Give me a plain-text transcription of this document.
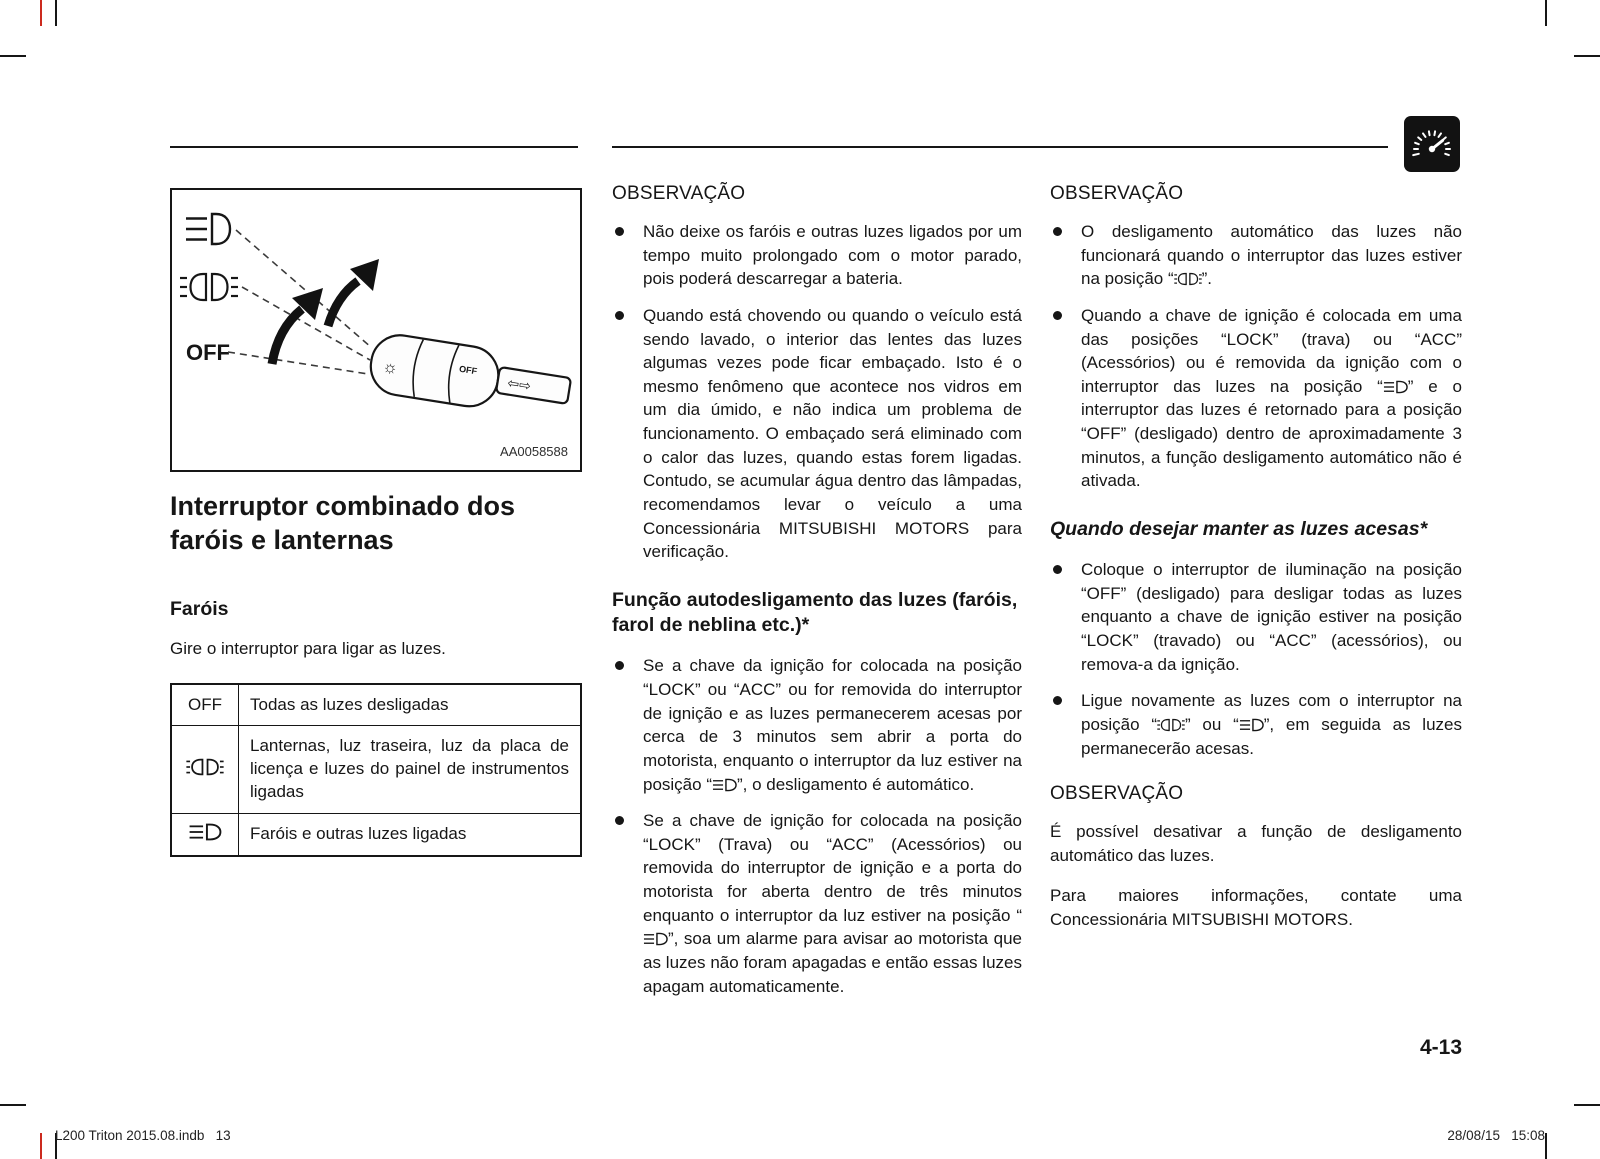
OFF
☼	OFF
⇦⇨
AA0058588
Interruptor combinado dos faróis e lanternas
Faróis

Gire o interruptor para ligar as luzes.

OFF	Todas as luzes desligadas
	Lanternas, luz traseira, luz da placa de licença e luzes do painel de instrumentos ligadas
	Faróis e outras luzes ligadas
OBSERVAÇÃO
Não deixe os faróis e outras luzes ligados por um tempo muito prolongado com o motor parado, pois poderá descarregar a bateria.
Quando está chovendo ou quando o veículo está sendo lavado, o interior das lentes das luzes algumas vezes pode ficar embaçado. Isto é o mesmo fenômeno que acontece nos vidros em um dia úmido, e não indica um problema de funcionamento. O embaçado será eliminado com o calor das luzes, quando estas forem ligadas. Contudo, se acumular água dentro das lâmpadas, recomendamos levar o veículo a uma Concessionária MITSUBISHI MOTORS para verificação.
Função autodesligamento das luzes (faróis, farol de neblina etc.)*
Se a chave da ignição for colocada na posição “LOCK” ou “ACC” ou for removida do interruptor de ignição e as luzes permanecerem acesas por cerca de 3 minutos sem abrir a porta do motorista, enquanto o interruptor da luz estiver na posição “ ”, o desligamento é automático.
Se a chave de ignição for colocada na posição “LOCK” (Trava) ou “ACC” (Acessórios) ou removida do interruptor de ignição e a porta do motorista for aberta dentro de três minutos enquanto o interruptor da luz estiver na posição “”, soa um alarme para avisar ao motorista que as luzes não foram apagadas e então essas luzes apagam automaticamente.
OBSERVAÇÃO
O desligamento automático das luzes não funcionará quando o interruptor das luzes estiver na posição “ ”.
Quando a chave de ignição é colocada em uma das posições “LOCK” (trava) ou “ACC” (Acessórios) ou é removida da ignição com o interruptor das luzes na posição “ ” e o interruptor das luzes é retornado para a posição “OFF” (desligado) dentro de aproximadamente 3 minutos, a função desligamento automático não é ativada.
Quando desejar manter as luzes acesas*
Coloque o interruptor de iluminação na posição “OFF” (desligado) para desligar todas as luzes enquanto a chave de ignição estiver na posição “LOCK” (travado) ou “ACC” (acessórios), ou remova-a da ignição.
Ligue novamente as luzes com o interruptor na posição “ ” ou “ ”, em seguida as luzes permanecerão acesas.
OBSERVAÇÃO

É possível desativar a função de desligamento automático das luzes.

Para maiores informações, contate uma Concessionária MITSUBISHI MOTORS.

4-13
L200 Triton 2015.08.indb   13	28/08/15   15:08
